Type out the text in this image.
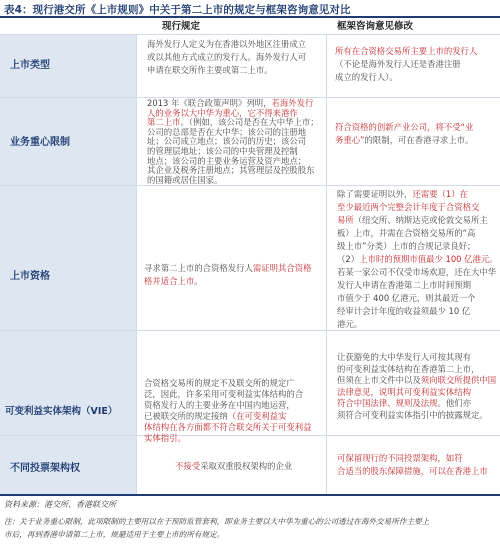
表4：现行港交所《上市规则》中关于第二上市的规定与框架咨询意见对比
现行规定	框架咨询意见修改
上市类型
业务重心限制
上市资格
可变利益实体架构（VIE）
不同投票架构权
海外发行人定义为在香港以外地区注册成立
或以其他方式成立的发行人。海外发行人可
申请在联交所作主要或第二上市。
所有在合资格交易所主要上市的发行人
（不论是海外发行人还是香港注册
成立的发行人）。
2013 年《联合政策声明》列明，若海外发行
人的业务以大中华为重心，它不得来港作
第二上市。（例如，该公司是否在大中华上市；
公司的总部是否在大中华；该公司的注册地
址；公司成立地点；该公司的历史；该公司
的管理层地址；该公司的中央管理及控制
地点；该公司的主要业务运营及资产地点；
其企业及税务注册地点；其管理层及控股股东
的国籍或居住国家。
符合资格的创新产业公司，将不受“业
务重心”的限制，可在香港寻求上市。
寻求第二上市的合资格发行人需证明其合资格
格并适合上市。
除了需要证明以外，还需要（1）在
至少最近两个完整会计年度于合资格交
易所（纽交所、纳斯达克或伦敦交易所主
板）上市，并需在合资格交易所的“高
级上市”分类）上市的合规记录良好；
（2）上市时的预期市值最少 100 亿港元。
若某一家公司不仅受市场欢迎，还在大中华
发行人申请在香港第二上市时间预期
市值少于 400 亿港元，则其最近一个
经审计会计年度的收益须最少 10 亿
港元。
合资格交易所的规定不及联交所的规定广
泛，因此，许多采用可变利益实体结构的合
资格发行人的主要业务在中国内地运营，
已被联交所的规定接纳（在可变利益实
体结构在各方面都不符合联交所关于可变利益
实体指引。
让获豁免的大中华发行人可按其现有
的可变利益实体结构在香港第二上市，
但须在上市文件中以及须向联交所提供中国
法律意见，说明其可变利益实体结构
符合中国法律、规则及法规。他们亦
须符合可变利益实体指引中的披露规定。
不接受采取双重股权架构的企业
可保留现行的不同投票架构，如符
合适当的股东保障措施，可以在香港上市
资料来源：港交所、香港联交所
注：关于业务重心限制，此项限制的主要用以在于预防监管套利，即业务主要以大中华为重心的公司透过在海外交易所作主要上
市后，再到香港申请第二上市，规避适用于主要上市的所有规定。
